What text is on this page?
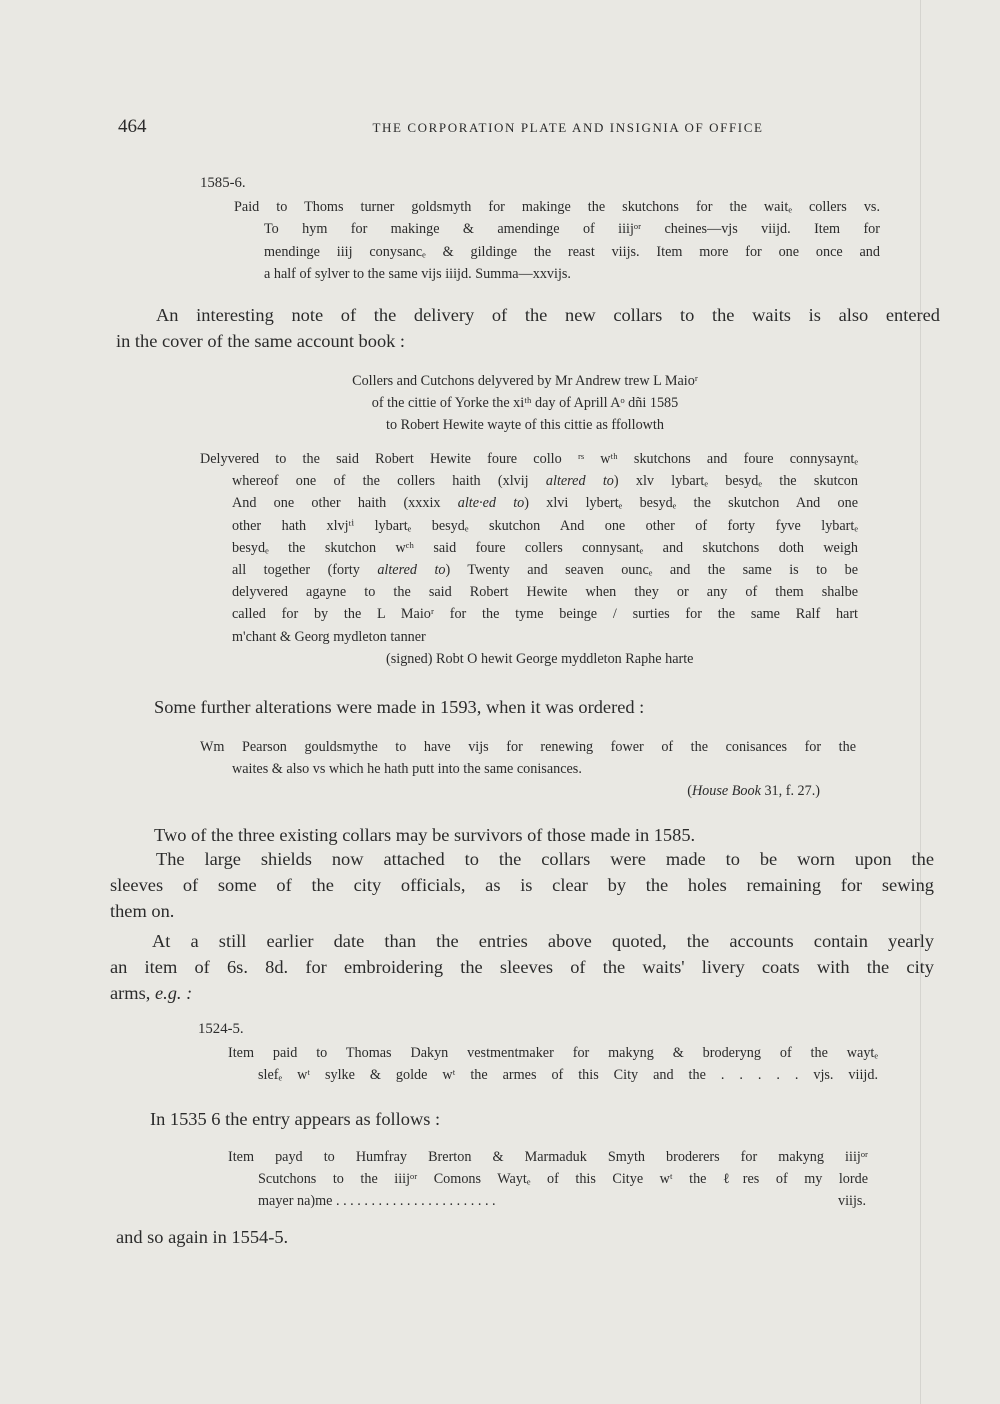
464	THE CORPORATION PLATE AND INSIGNIA OF OFFICE
1585-6.
Paid to Thoms turner goldsmyth for makinge the skutchons for the waitₑ collers vs.
To hym for makinge & amendinge of iiijᵒʳ cheines—vjs viijd. Item for
mendinge iiij conysancₑ & gildinge the reast viijs. Item more for one once and
a half of sylver to the same vijs iiijd. Summa—xxvijs.
An interesting note of the delivery of the new collars to the waits is also entered
in the cover of the same account book :
Collers and Cutchons delyvered by Mr Andrew trew L Maioʳ
of the cittie of Yorke the xiᵗʰ day of Aprill Aᵒ dñi 1585
to Robert Hewite wayte of this cittie as ffollowth
Delyvered to the said Robert Hewite foure collo ʳˢ wᵗʰ skutchons and foure connysayntₑ
whereof one of the collers haith (xlvij altered to) xlv lybartₑ besydₑ the skutcon
And one other haith (xxxix alte·ed to) xlvi lybertₑ besydₑ the skutchon And one
other hath xlvjᵗⁱ lybartₑ besydₑ skutchon And one other of forty fyve lybartₑ
besydₑ the skutchon wᶜʰ said foure collers connysantₑ and skutchons doth weigh
all together (forty altered to) Twenty and seaven ouncₑ and the same is to be
delyvered agayne to the said Robert Hewite when they or any of them shalbe
called for by the L Maioʳ for the tyme beinge / surties for the same Ralf hart
m'chant & Georg mydleton tanner
(signed) Robt O hewit George myddleton Raphe harte
Some further alterations were made in 1593, when it was ordered :
Wm Pearson gouldsmythe to have vijs for renewing fower of the conisances for the
waites & also vs which he hath putt into the same conisances.
(House Book 31, f. 27.)
Two of the three existing collars may be survivors of those made in 1585.
The large shields now attached to the collars were made to be worn upon the
sleeves of some of the city officials, as is clear by the holes remaining for sewing
them on.
At a still earlier date than the entries above quoted, the accounts contain yearly
an item of 6s. 8d. for embroidering the sleeves of the waits' livery coats with the city
arms, e.g. :
1524-5.
Item paid to Thomas Dakyn vestmentmaker for makyng & broderyng of the waytₑ
slefₑ wᵗ sylke & golde wᵗ the armes of this City and the . . . . . vjs. viijd.
In 1535 6 the entry appears as follows :
Item payd to Humfray Brerton & Marmaduk Smyth broderers for makyng iiijᵒʳ
Scutchons to the iiijᵒʳ Comons Waytₑ of this Citye wᵗ the ℓres of my lorde
mayer na)me . . . . . . . . . . . . . . . . . . . . . . .	viijs.
and so again in 1554-5.
